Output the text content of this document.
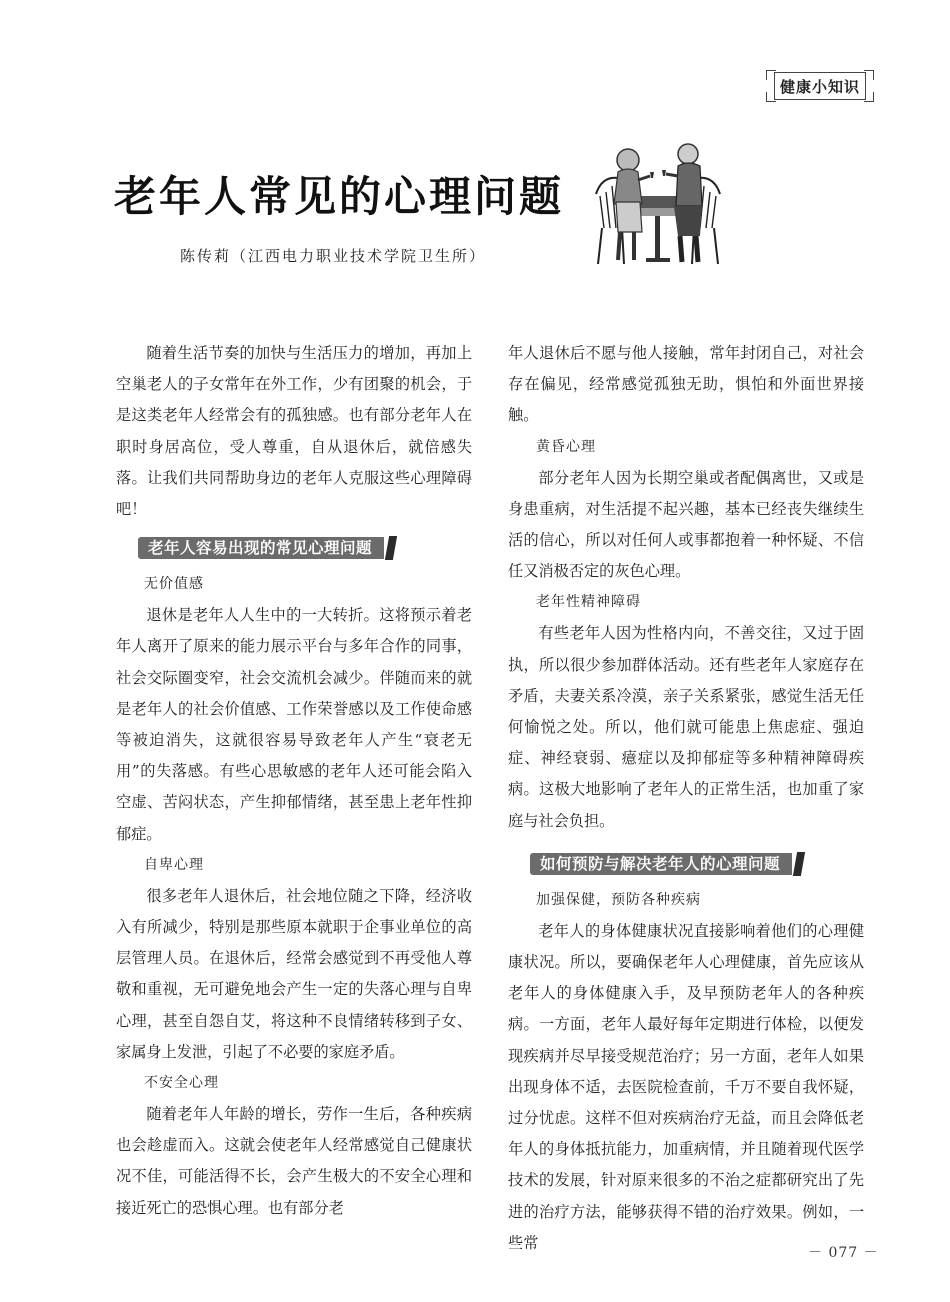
健康小知识
老年人常见的心理问题
陈传莉（江西电力职业技术学院卫生所）

随着生活节奏的加快与生活压力的增加，再加上空巢老人的子女常年在外工作，少有团聚的机会，于是这类老年人经常会有的孤独感。也有部分老年人在职时身居高位，受人尊重，自从退休后，就倍感失落。让我们共同帮助身边的老年人克服这些心理障碍吧！

老年人容易出现的常见心理问题
无价值感

退休是老年人人生中的一大转折。这将预示着老年人离开了原来的能力展示平台与多年合作的同事，社会交际圈变窄，社会交流机会减少。伴随而来的就是老年人的社会价值感、工作荣誉感以及工作使命感等被迫消失，这就很容易导致老年人产生“衰老无用”的失落感。有些心思敏感的老年人还可能会陷入空虚、苦闷状态，产生抑郁情绪，甚至患上老年性抑郁症。

自卑心理

很多老年人退休后，社会地位随之下降，经济收入有所减少，特别是那些原本就职于企事业单位的高层管理人员。在退休后，经常会感觉到不再受他人尊敬和重视，无可避免地会产生一定的失落心理与自卑心理，甚至自怨自艾，将这种不良情绪转移到子女、家属身上发泄，引起了不必要的家庭矛盾。

不安全心理

随着老年人年龄的增长，劳作一生后，各种疾病也会趁虚而入。这就会使老年人经常感觉自己健康状况不佳，可能活得不长，会产生极大的不安全心理和接近死亡的恐惧心理。也有部分老

年人退休后不愿与他人接触，常年封闭自己，对社会存在偏见，经常感觉孤独无助，惧怕和外面世界接触。

黄昏心理

部分老年人因为长期空巢或者配偶离世，又或是身患重病，对生活提不起兴趣，基本已经丧失继续生活的信心，所以对任何人或事都抱着一种怀疑、不信任又消极否定的灰色心理。

老年性精神障碍

有些老年人因为性格内向，不善交往，又过于固执，所以很少参加群体活动。还有些老年人家庭存在矛盾，夫妻关系冷漠，亲子关系紧张，感觉生活无任何愉悦之处。所以，他们就可能患上焦虑症、强迫症、神经衰弱、癔症以及抑郁症等多种精神障碍疾病。这极大地影响了老年人的正常生活，也加重了家庭与社会负担。

如何预防与解决老年人的心理问题
加强保健，预防各种疾病

老年人的身体健康状况直接影响着他们的心理健康状况。所以，要确保老年人心理健康，首先应该从老年人的身体健康入手，及早预防老年人的各种疾病。一方面，老年人最好每年定期进行体检，以便发现疾病并尽早接受规范治疗；另一方面，老年人如果出现身体不适，去医院检查前，千万不要自我怀疑，过分忧虑。这样不但对疾病治疗无益，而且会降低老年人的身体抵抗能力，加重病情，并且随着现代医学技术的发展，针对原来很多的不治之症都研究出了先进的治疗方法，能够获得不错的治疗效果。例如，一些常

－ 077 －
